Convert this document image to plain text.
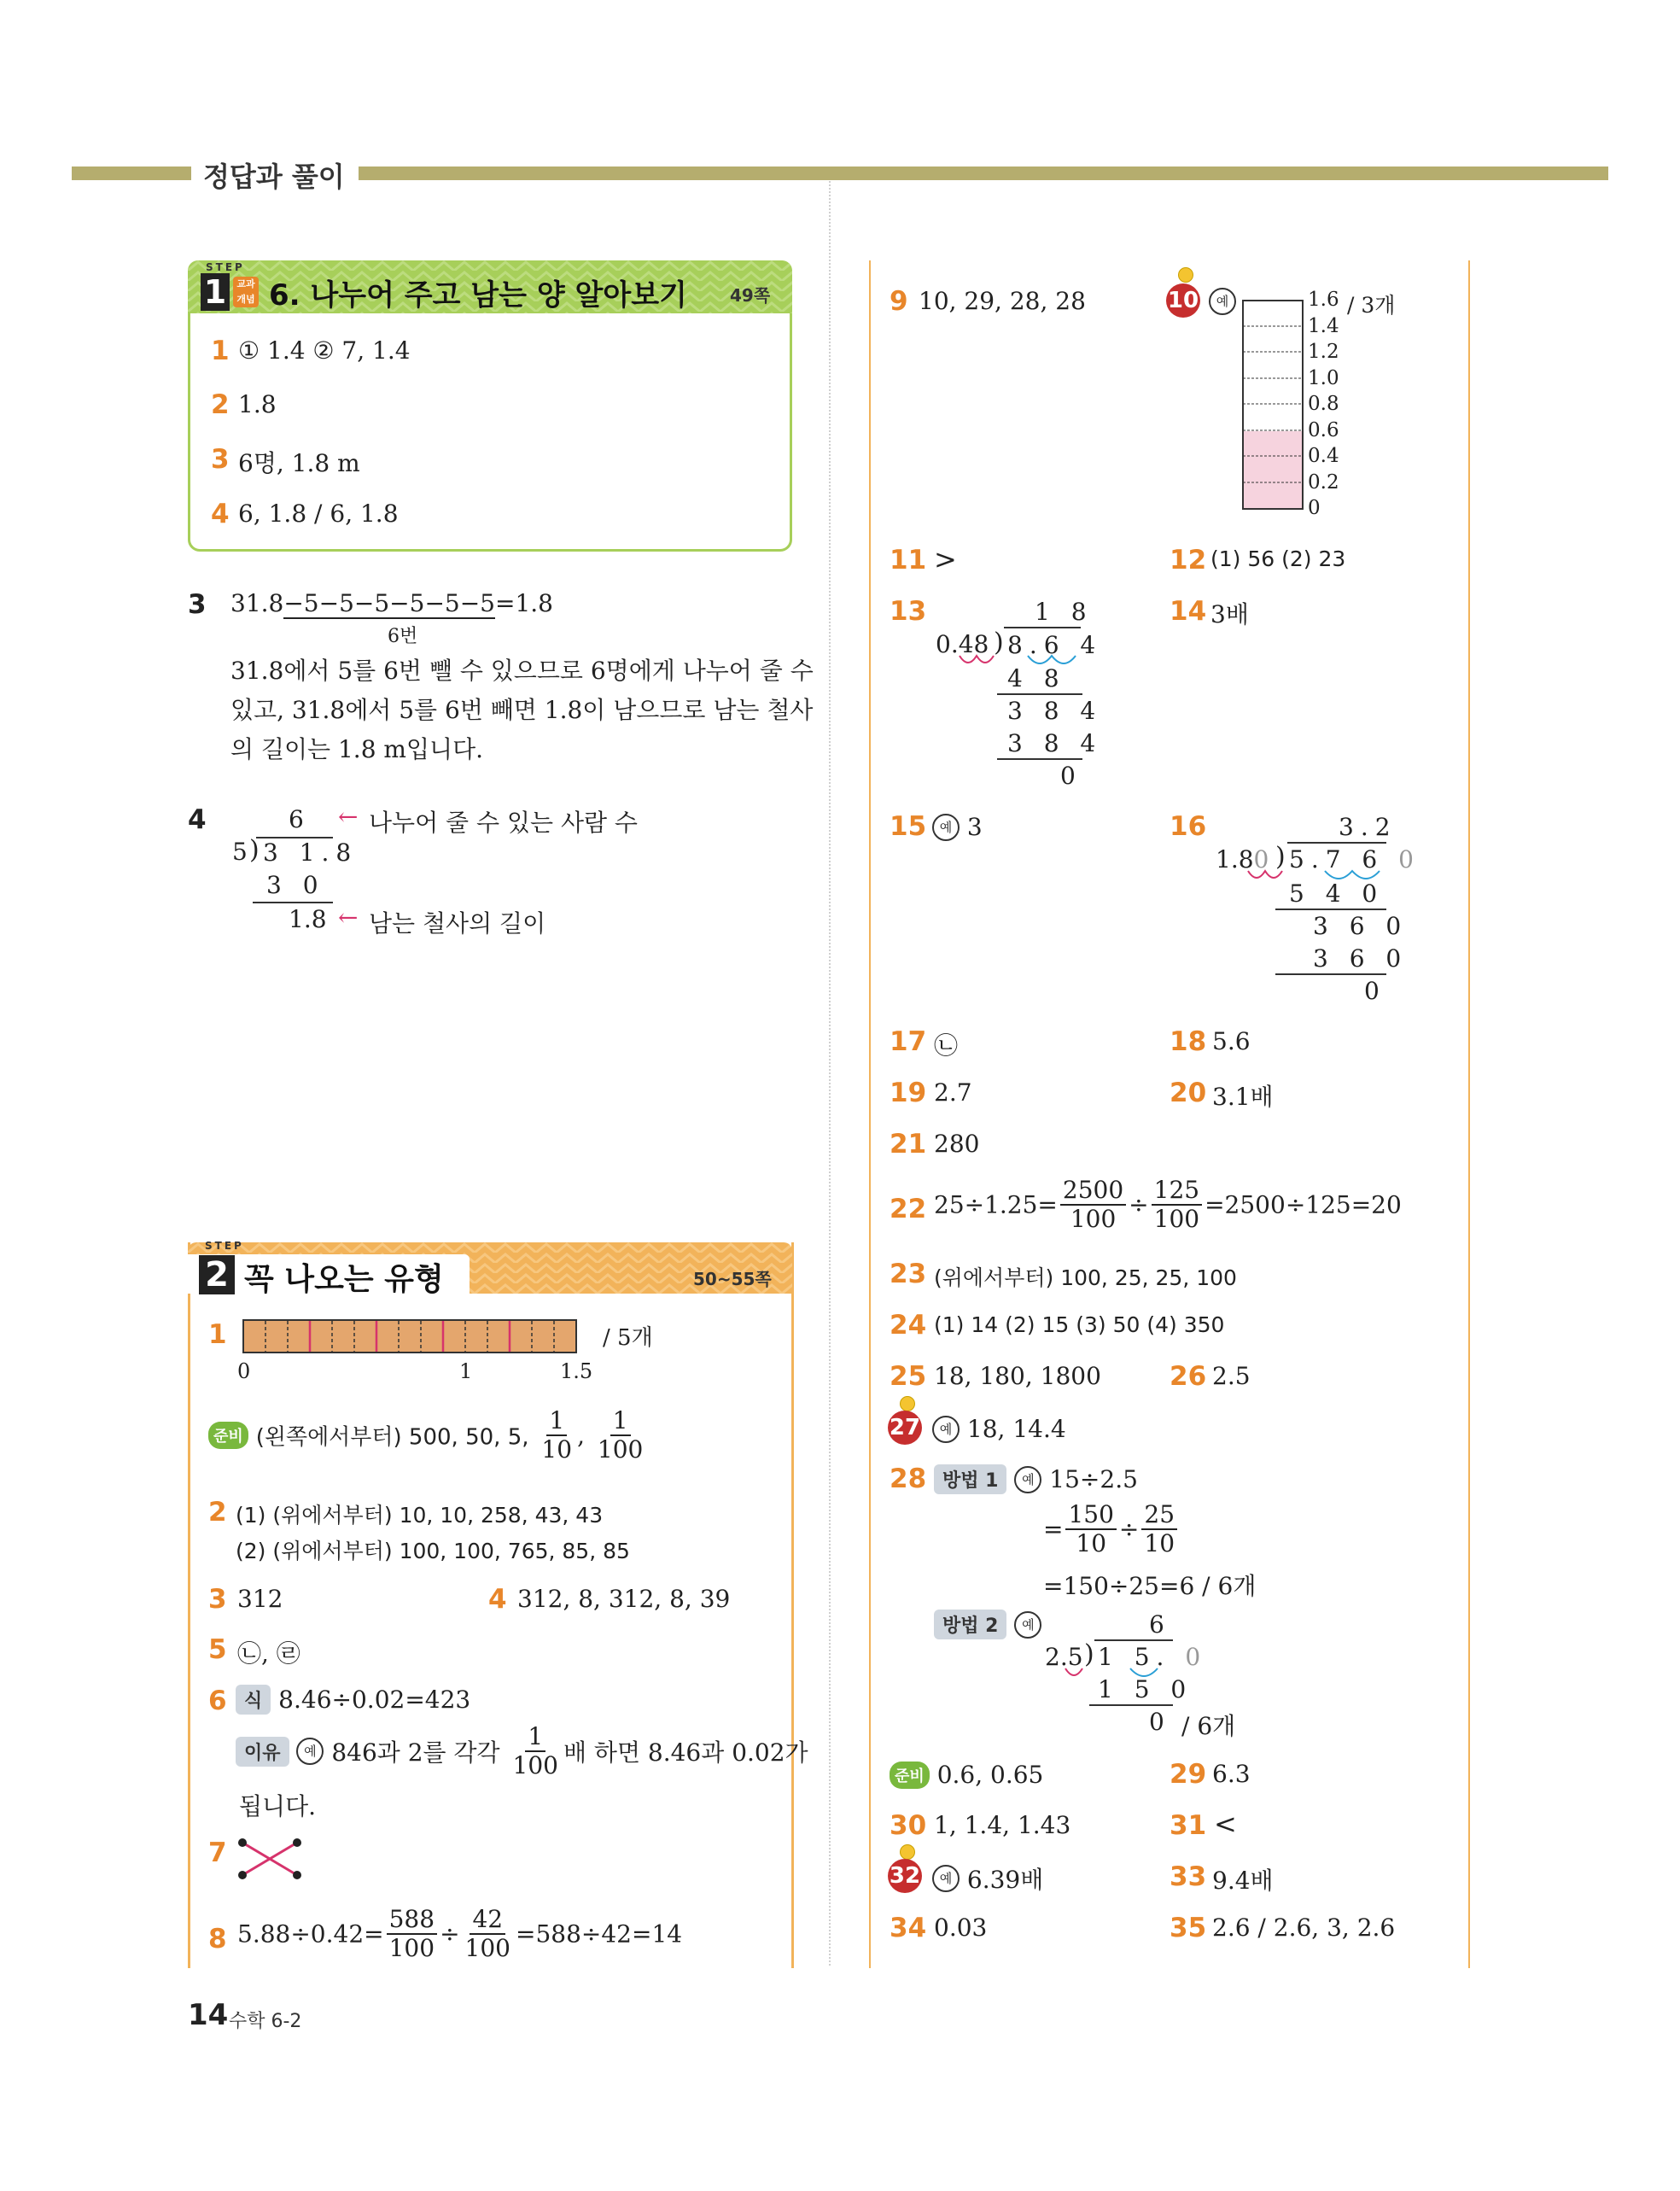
정답과 풀이
STEP
1	교과 개념 6. 나누어 주고 남는 양 알아보기	49쪽
1 ① 1.4 ② 7, 1.4
2 1.8
3 6명, 1.8 m
4 6, 1.8 / 6, 1.8
3 31.8−5−5−5−5−5−5=1.8
6번
31.8에서 5를 6번 뺄 수 있으므로 6명에게 나누어 줄 수
있고, 31.8에서 5를 6번 빼면 1.8이 남으므로 남는 철사
의 길이는 1.8 m입니다.
4	6
5 ) 3 1.8
3 0
1.8
← 나누어 줄 수 있는 사람 수
← 남는 철사의 길이
STEP
2 꼭 나오는 유형	50~55쪽
1	/ 5개
0	1	1.5
준비 (왼쪽에서부터) 500, 50, 5, $\frac{1}{10}$ , $\frac{1}{100}$
2 (1) (위에서부터) 10, 10, 258, 43, 43
(2) (위에서부터) 100, 100, 765, 85, 85
3 312	4 312, 8, 312, 8, 39
5 ㉡, ㉣
6 식 8.46÷0.02=423
이유 예 846과 2를 각각 $\frac{1}{100}$ 배 하면 8.46과 0.02가
됩니다.
7
8 $5.88\div 0.42= \frac{588}{100} \div \frac{42}{100} =588\div 42=14$
9 10, 29, 28, 28	10	예	1.6 / 3개
1.4
1.2
1.0
0.8
0.6
0.4
0.2
0
11 >	12 (1) 56 (2) 23
13	1 8
0.48 ) 8.6 4
4 8
3 8 4
3 8 4
0
14 3배
15	예 3	16	3.2
1.80 ) 5.7 6 0
5 4 0
3 6 0
3 6 0
0
17 ㉡	18 5.6
19 2.7	20 3.1배
21 280
22 $25\div 1.25= \frac{2500}{100} \div \frac{125}{100} =2500\div 125=20$
23 (위에서부터) 100, 25, 25, 100
24 (1) 14 (2) 15 (3) 50 (4) 350
25 18, 180, 1800	26 2.5
27	예 18, 14.4
28 방법 1 예 15÷2.5
= $\frac{150}{10} \div \frac{25}{10}$
=150÷25=6 / 6개
방법 2 예	6
2.5 ) 1 5. 0
1 5 0
0 / 6개
준비 0.6, 0.65	29 6.3
30 1, 1.4, 1.43	31 <
32	예 6.39배	33 9.4배
34 0.03	35 2.6 / 2.6, 3, 2.6
14 수학 6-2
